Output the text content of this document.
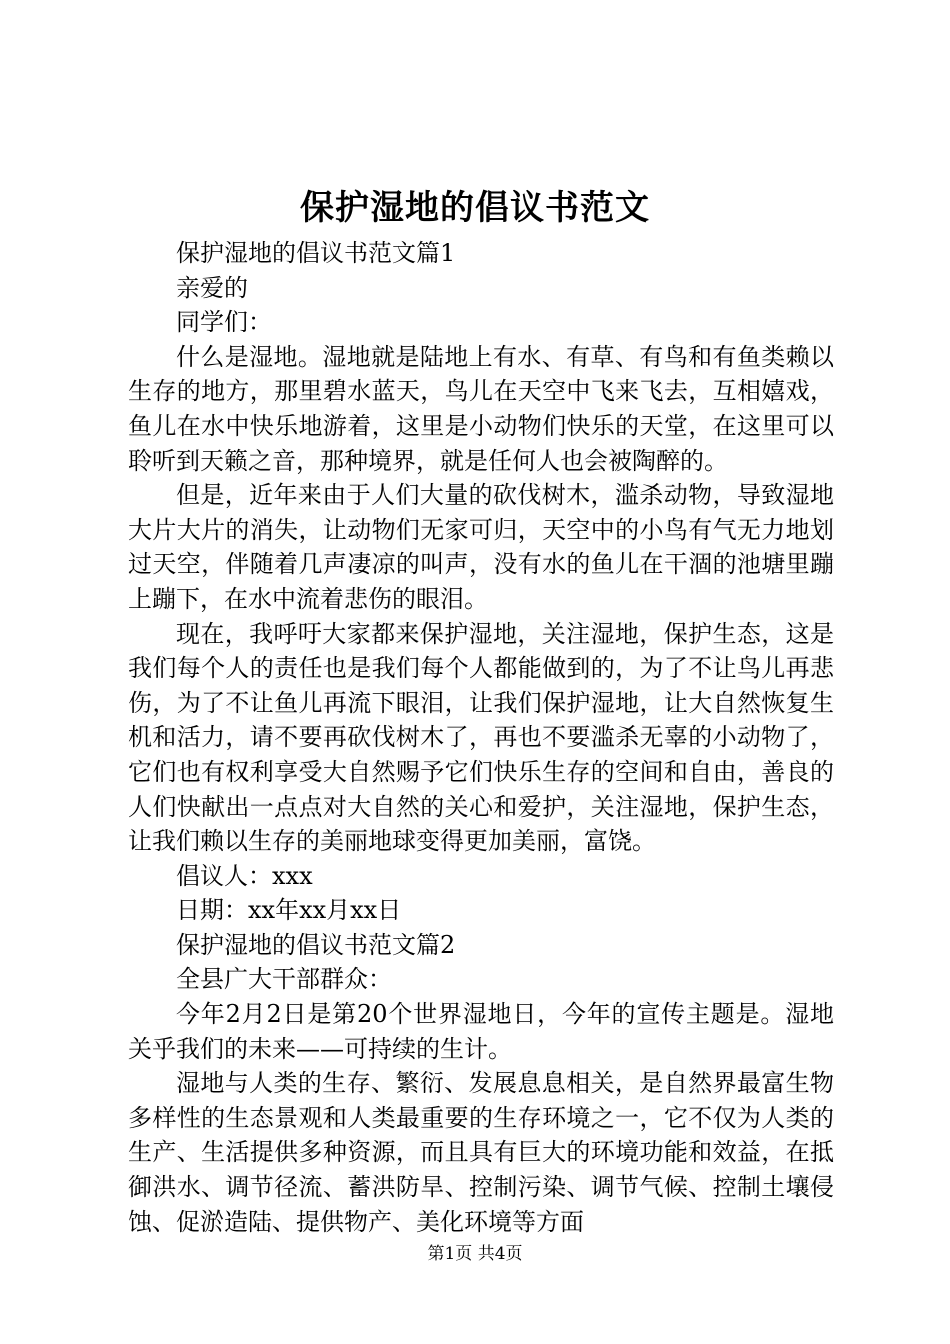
保护湿地的倡议书范文

保护湿地的倡议书范文篇1

亲爱的

同学们：

什么是湿地。湿地就是陆地上有水、有草、有鸟和有鱼类赖以生存的地方，那里碧水蓝天，鸟儿在天空中飞来飞去，互相嬉戏，鱼儿在水中快乐地游着，这里是小动物们快乐的天堂，在这里可以聆听到天籁之音，那种境界，就是任何人也会被陶醉的。

但是，近年来由于人们大量的砍伐树木，滥杀动物，导致湿地大片大片的消失，让动物们无家可归，天空中的小鸟有气无力地划过天空，伴随着几声凄凉的叫声，没有水的鱼儿在干涸的池塘里蹦上蹦下，在水中流着悲伤的眼泪。

现在，我呼吁大家都来保护湿地，关注湿地，保护生态，这是我们每个人的责任也是我们每个人都能做到的，为了不让鸟儿再悲伤，为了不让鱼儿再流下眼泪，让我们保护湿地，让大自然恢复生机和活力，请不要再砍伐树木了，再也不要滥杀无辜的小动物了，它们也有权利享受大自然赐予它们快乐生存的空间和自由，善良的人们快献出一点点对大自然的关心和爱护，关注湿地，保护生态，让我们赖以生存的美丽地球变得更加美丽，富饶。

倡议人：xxx

日期：xx年xx月xx日

保护湿地的倡议书范文篇2

全县广大干部群众：

今年2月2日是第20个世界湿地日，今年的宣传主题是。湿地关乎我们的未来——可持续的生计。

湿地与人类的生存、繁衍、发展息息相关，是自然界最富生物多样性的生态景观和人类最重要的生存环境之一，它不仅为人类的生产、生活提供多种资源，而且具有巨大的环境功能和效益，在抵御洪水、调节径流、蓄洪防旱、控制污染、调节气候、控制土壤侵蚀、促淤造陆、提供物产、美化环境等方面

第1页 共4页
